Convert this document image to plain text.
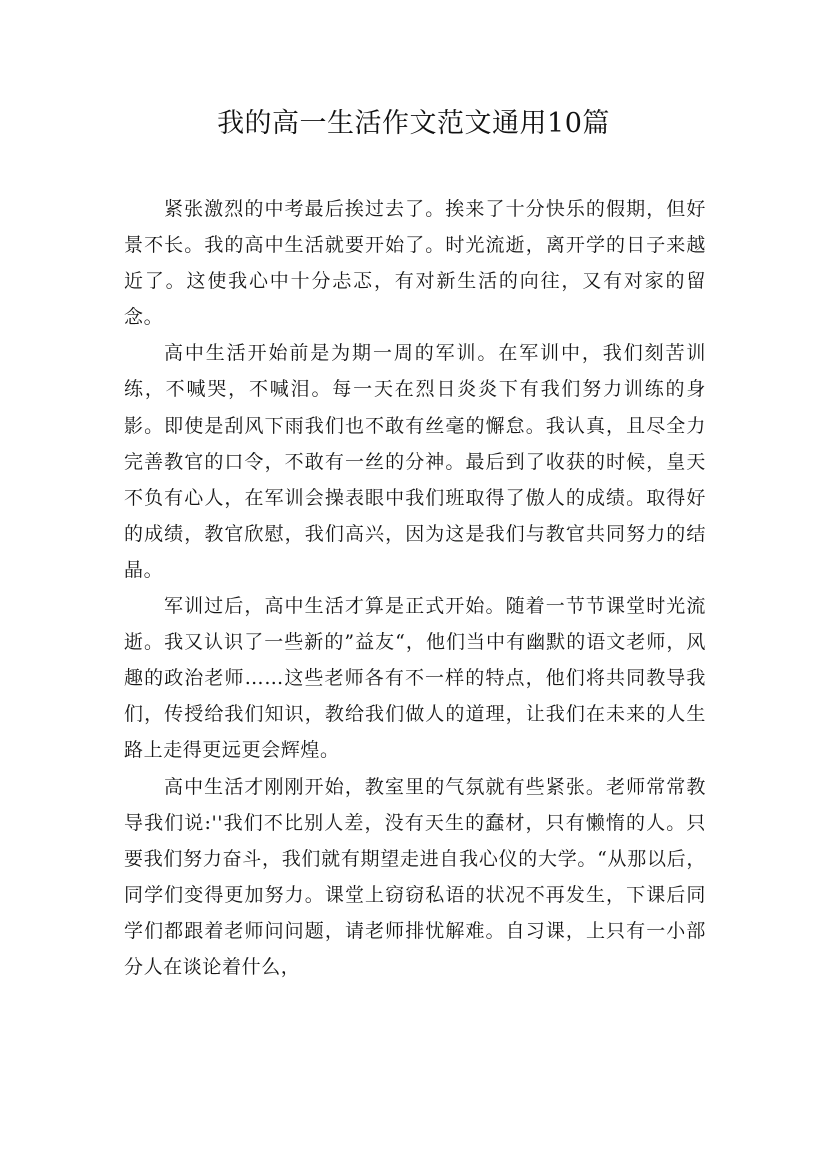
我的高一生活作文范文通用10篇

紧张激烈的中考最后挨过去了。挨来了十分快乐的假期，但好景不长。我的高中生活就要开始了。时光流逝，离开学的日子来越近了。这使我心中十分忐忑，有对新生活的向往，又有对家的留念。

高中生活开始前是为期一周的军训。在军训中，我们刻苦训练，不喊哭，不喊泪。每一天在烈日炎炎下有我们努力训练的身影。即使是刮风下雨我们也不敢有丝毫的懈怠。我认真，且尽全力完善教官的口令，不敢有一丝的分神。最后到了收获的时候，皇天不负有心人，在军训会操表眼中我们班取得了傲人的成绩。取得好的成绩，教官欣慰，我们高兴，因为这是我们与教官共同努力的结晶。

军训过后，高中生活才算是正式开始。随着一节节课堂时光流逝。我又认识了一些新的”益友“，他们当中有幽默的语文老师，风趣的政治老师……这些老师各有不一样的特点，他们将共同教导我们，传授给我们知识，教给我们做人的道理，让我们在未来的人生路上走得更远更会辉煌。

高中生活才刚刚开始，教室里的气氛就有些紧张。老师常常教导我们说:''我们不比别人差，没有天生的蠢材，只有懒惰的人。只要我们努力奋斗，我们就有期望走进自我心仪的大学。“从那以后，同学们变得更加努力。课堂上窃窃私语的状况不再发生，下课后同学们都跟着老师问问题，请老师排忧解难。自习课，上只有一小部分人在谈论着什么，
